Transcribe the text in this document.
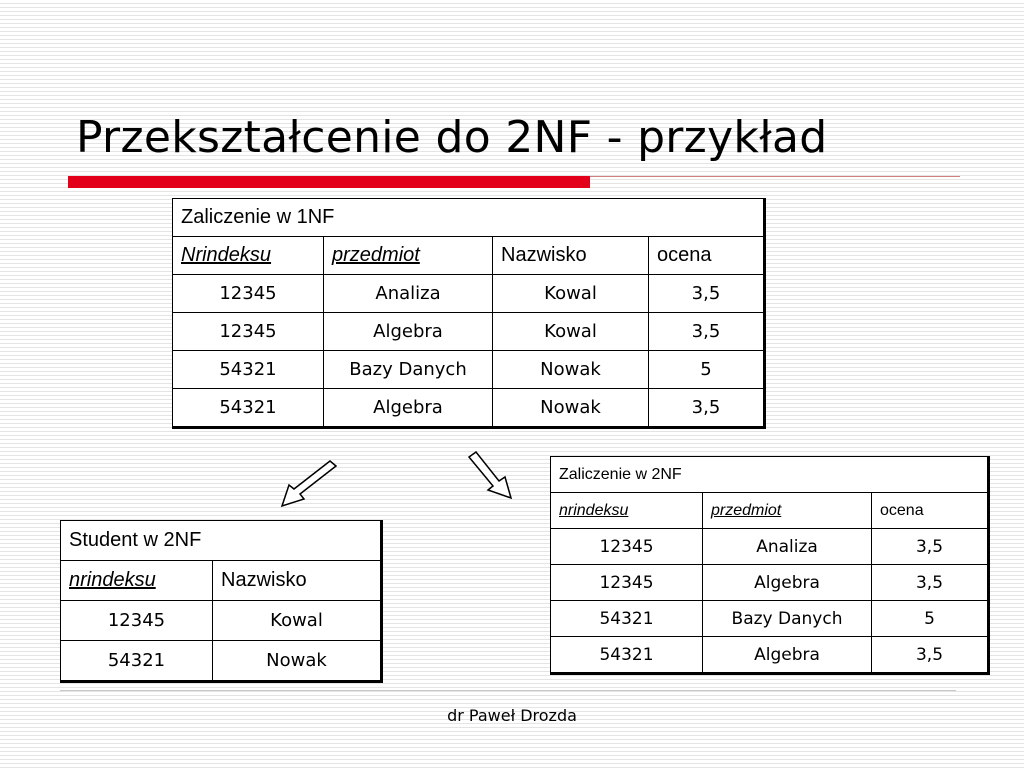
Przekształcenie do 2NF - przykład
Zaliczenie w 1NF			
Nrindeksu	przedmiot	Nazwisko	ocena
12345	Analiza	Kowal	3,5
12345	Algebra	Kowal	3,5
54321	Bazy Danych	Nowak	5
54321	Algebra	Nowak	3,5
Zaliczenie w 2NF		
nrindeksu	przedmiot	ocena
12345	Analiza	3,5
12345	Algebra	3,5
54321	Bazy Danych	5
54321	Algebra	3,5
Student w 2NF	
nrindeksu	Nazwisko
12345	Kowal
54321	Nowak
dr Paweł Drozda
